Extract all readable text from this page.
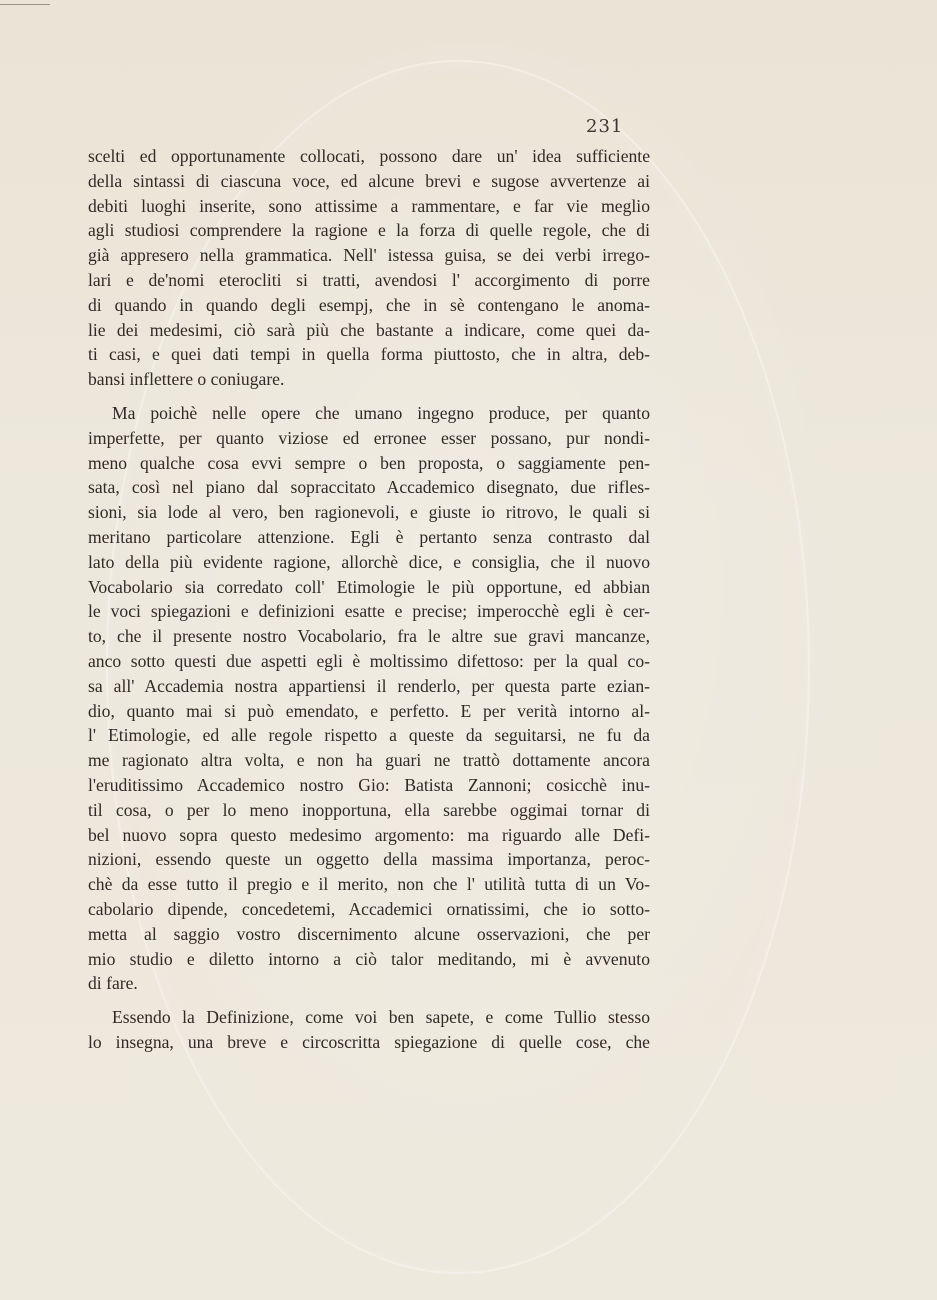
231
scelti ed opportunamente collocati, possono dare un' idea sufficiente
della sintassi di ciascuna voce, ed alcune brevi e sugose avvertenze ai
debiti luoghi inserite, sono attissime a rammentare, e far vie meglio
agli studiosi comprendere la ragione e la forza di quelle regole, che di
già appresero nella grammatica. Nell' istessa guisa, se dei verbi irrego-
lari e de'nomi eterocliti si tratti, avendosi l' accorgimento di porre
di quando in quando degli esempj, che in sè contengano le anoma-
lie dei medesimi, ciò sarà più che bastante a indicare, come quei da-
ti casi, e quei dati tempi in quella forma piuttosto, che in altra, deb-
bansi inflettere o coniugare.
Ma poichè nelle opere che umano ingegno produce, per quanto
imperfette, per quanto viziose ed erronee esser possano, pur nondi-
meno qualche cosa evvi sempre o ben proposta, o saggiamente pen-
sata, così nel piano dal sopraccitato Accademico disegnato, due rifles-
sioni, sia lode al vero, ben ragionevoli, e giuste io ritrovo, le quali si
meritano particolare attenzione. Egli è pertanto senza contrasto dal
lato della più evidente ragione, allorchè dice, e consiglia, che il nuovo
Vocabolario sia corredato coll' Etimologie le più opportune, ed abbian
le voci spiegazioni e definizioni esatte e precise; imperocchè egli è cer-
to, che il presente nostro Vocabolario, fra le altre sue gravi mancanze,
anco sotto questi due aspetti egli è moltissimo difettoso: per la qual co-
sa all' Accademia nostra appartiensi il renderlo, per questa parte ezian-
dio, quanto mai si può emendato, e perfetto. E per verità intorno al-
l' Etimologie, ed alle regole rispetto a queste da seguitarsi, ne fu da
me ragionato altra volta, e non ha guari ne trattò dottamente ancora
l'eruditissimo Accademico nostro Gio: Batista Zannoni; cosicchè inu-
til cosa, o per lo meno inopportuna, ella sarebbe oggimai tornar di
bel nuovo sopra questo medesimo argomento: ma riguardo alle Defi-
nizioni, essendo queste un oggetto della massima importanza, peroc-
chè da esse tutto il pregio e il merito, non che l' utilità tutta di un Vo-
cabolario dipende, concedetemi, Accademici ornatissimi, che io sotto-
metta al saggio vostro discernimento alcune osservazioni, che per
mio studio e diletto intorno a ciò talor meditando, mi è avvenuto
di fare.
Essendo la Definizione, come voi ben sapete, e come Tullio stesso
lo insegna, una breve e circoscritta spiegazione di quelle cose, che
